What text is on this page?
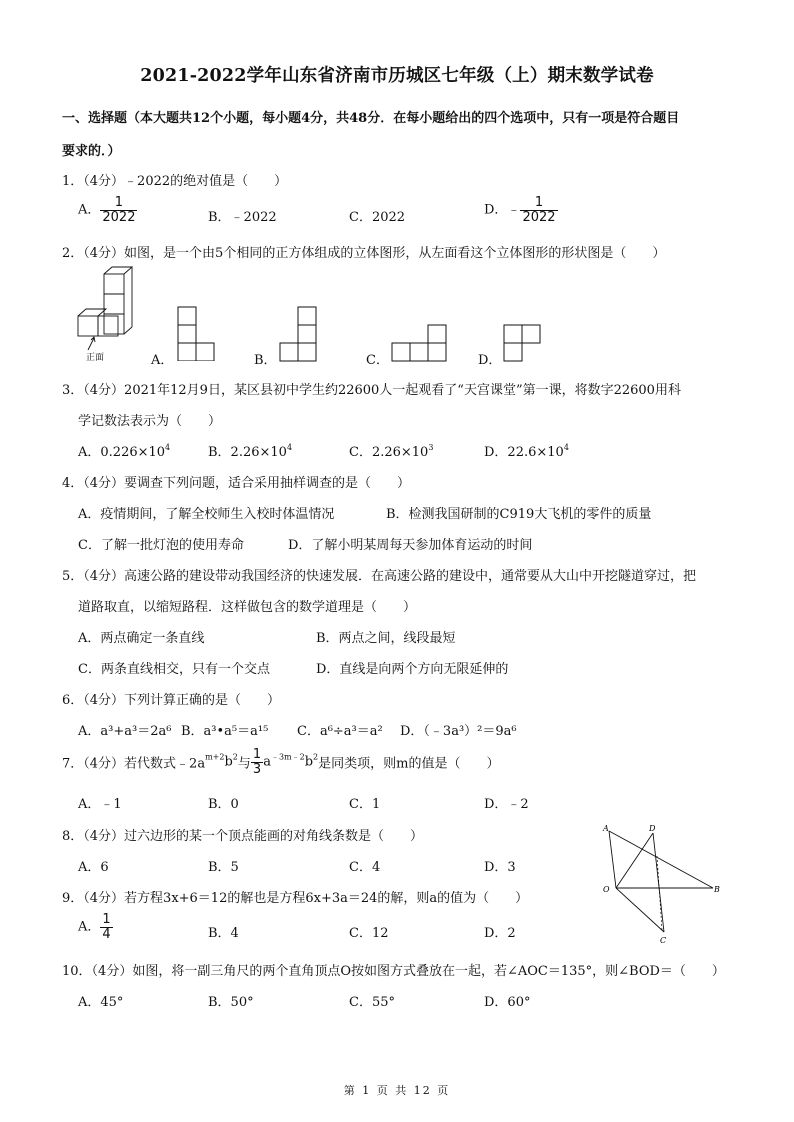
2021-2022学年山东省济南市历城区七年级（上）期末数学试卷
一、选择题（本大题共12个小题，每小题4分，共48分．在每小题给出的四个选项中，只有一项是符合题目
要求的．）
1．（4分）﹣2022的绝对值是（　　）
A． $\frac{1}{2022}$	B．﹣2022	C．2022	D．﹣ $\frac{1}{2022}$
2．（4分）如图，是一个由5个相同的正方体组成的立体图形，从左面看这个立体图形的形状图是（　　）
正面	A．	B．	C．	D．
3．（4分）2021年12月9日，某区县初中学生约22600人一起观看了“天宫课堂”第一课，将数字22600用科
学记数法表示为（　　）
A．$0.226\times 10^4$	B．$2.26\times 10^4$	C．$2.26\times 10^3$	D．$22.6\times 10^4$
4．（4分）要调查下列问题，适合采用抽样调查的是（　　）
A．疫情期间，了解全校师生入校时体温情况	B．检测我国研制的C919大飞机的零件的质量
C．了解一批灯泡的使用寿命	D．了解小明某周每天参加体育运动的时间
5．（4分）高速公路的建设带动我国经济的快速发展．在高速公路的建设中，通常要从大山中开挖隧道穿过，把
道路取直，以缩短路程．这样做包含的数学道理是（　　）
A．两点确定一条直线	B．两点之间，线段最短
C．两条直线相交，只有一个交点	D．直线是向两个方向无限延伸的
6．（4分）下列计算正确的是（　　）
A．a³+a³＝2a⁶ B．a³•a⁵＝a¹⁵ C．a⁶÷a³＝a² D．（﹣3a³）²＝9a⁶
7．（4分）若代数式$﹣2a^{m+2}b^2$与 $\frac{1}{3} a^{﹣3m﹣2}b^2$是同类项，则m的值是（　　）
A．﹣1	B．0	C．1	D．﹣2
8．（4分）过六边形的某一个顶点能画的对角线条数是（　　）
A．6	B．5	C．4	D．3
9．（4分）若方程3x+6＝12的解也是方程6x+3a＝24的解，则a的值为（　　）
A． $\frac{1}{4}$	B．4	C．12	D．2
10．（4分）如图，将一副三角尺的两个直角顶点O按如图方式叠放在一起，若∠AOC＝135°，则∠BOD＝（　　）
A．45°	B．50°	C．55°	D．60°
A	D
B
O
C
第 1 页 共 12 页
